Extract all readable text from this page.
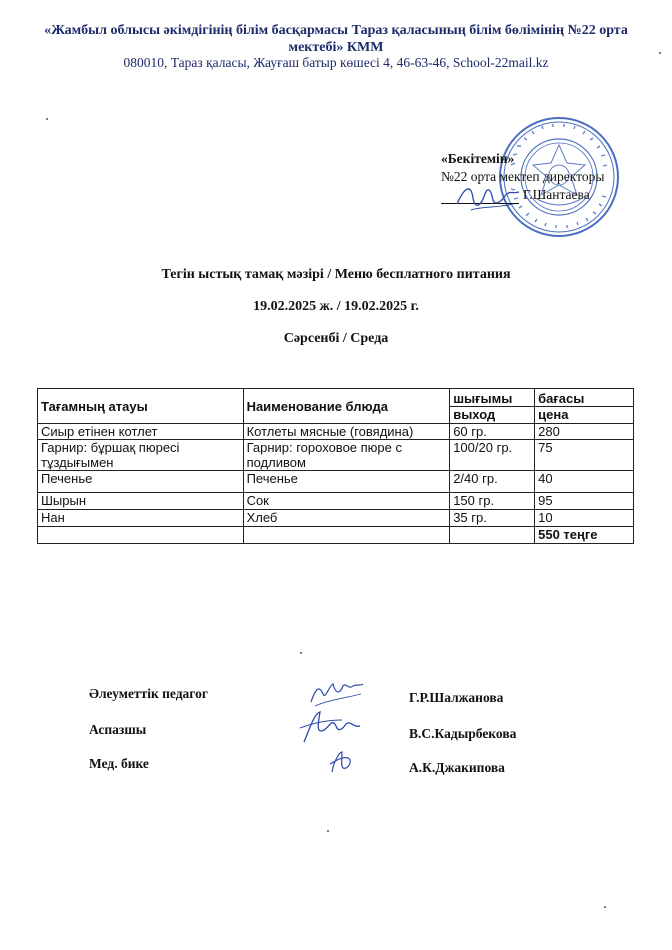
«Жамбыл облысы әкімдігінің білім басқармасы Тараз қаласының білім бөлімінің №22 орта мектебі» КММ
080010, Тараз қаласы, Жауғаш батыр көшесі 4, 46-63-46, School-22mail.kz
«Бекітемін»
№22 орта мектеп директоры
Г.Шантаева
Тегін ыстық тамақ мәзірі / Меню бесплатного питания
19.02.2025 ж. / 19.02.2025 г.
Сәрсенбі / Среда
Тағамның атауы	Наименование блюда	шығымы	бағасы
		выход	цена
Сиыр етінен котлет	Котлеты мясные (говядина)	60 гр.	280
Гарнир: бұршақ пюресі тұздығымен	Гарнир: гороховое пюре с подливом	100/20 гр.	75
Печенье	Печенье	2/40 гр.	40
Шырын	Сок	150 гр.	95
Нан	Хлеб	35 гр.	10
			550 теңге
Әлеуметтік педагог
Аспазшы
Мед. бике
Г.Р.Шалжанова
В.С.Кадырбекова
А.К.Джакипова
